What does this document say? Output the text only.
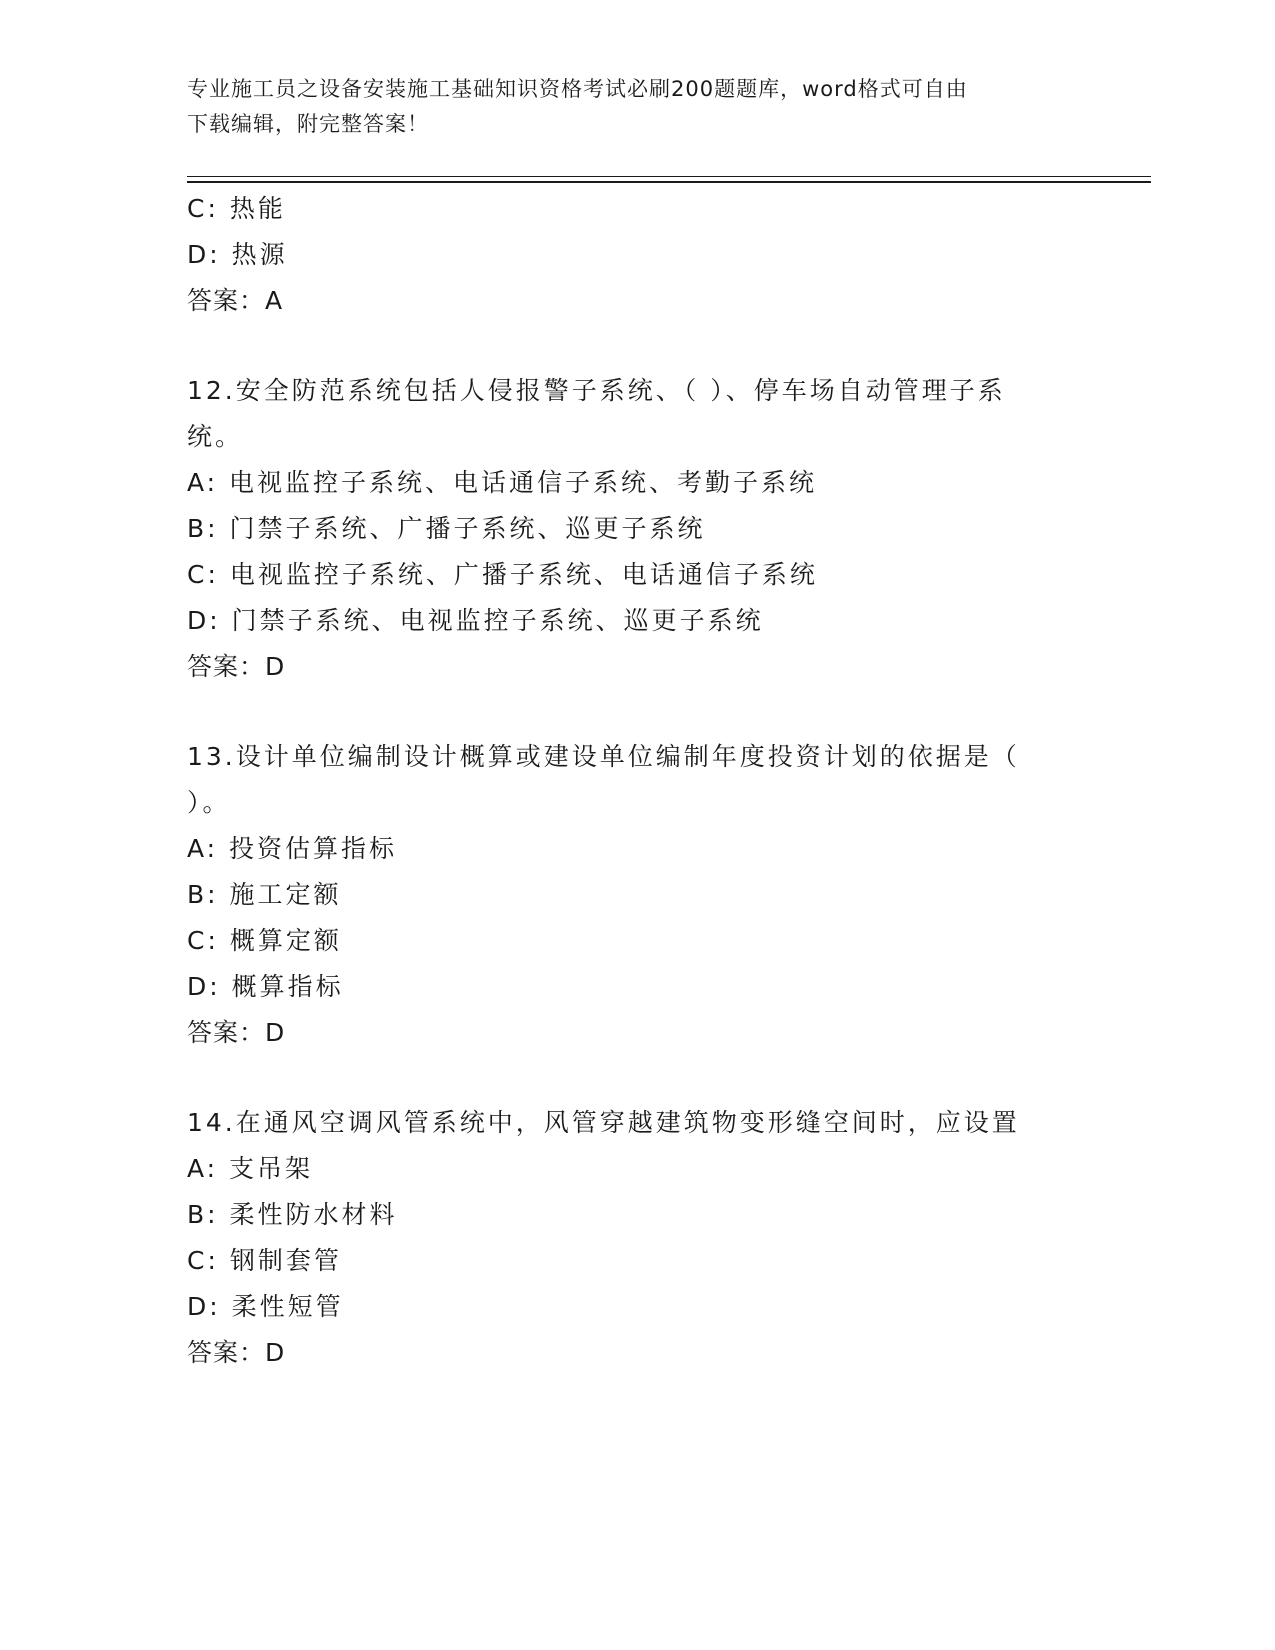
专业施工员之设备安装施工基础知识资格考试必刷200题题库，word格式可自由
下载编辑，附完整答案！
C: 热能
D: 热源
答案：A
12.安全防范系统包括人侵报警子系统、（ ）、停车场自动管理子系
统。
A: 电视监控子系统、电话通信子系统、考勤子系统
B: 门禁子系统、广播子系统、巡更子系统
C: 电视监控子系统、广播子系统、电话通信子系统
D: 门禁子系统、电视监控子系统、巡更子系统
答案：D
13.设计单位编制设计概算或建设单位编制年度投资计划的依据是（
）。
A: 投资估算指标
B: 施工定额
C: 概算定额
D: 概算指标
答案：D
14.在通风空调风管系统中，风管穿越建筑物变形缝空间时，应设置
A: 支吊架
B: 柔性防水材料
C: 钢制套管
D: 柔性短管
答案：D
